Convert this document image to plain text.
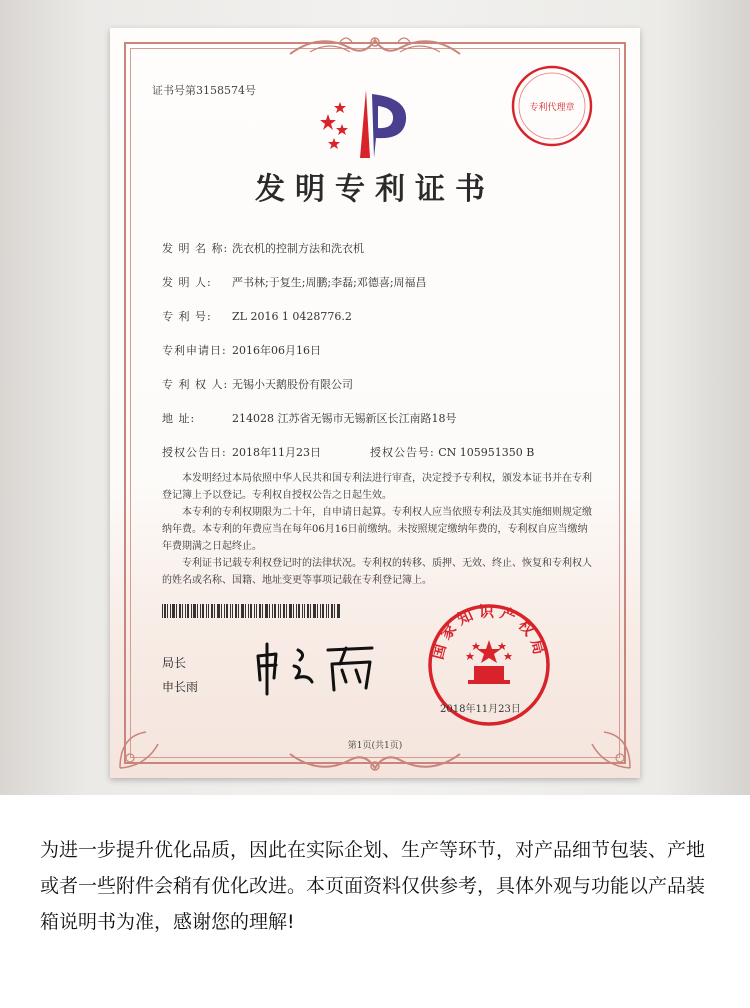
证书号第3158574号
专利代理章
发明专利证书
发 明 名 称: 洗衣机的控制方法和洗衣机
发 明 人: 严书林;于复生;周鹏;李磊;邓德喜;周福昌
专 利 号: ZL 2016 1 0428776.2
专利申请日: 2016年06月16日
专 利 权 人: 无锡小天鹅股份有限公司
地 址:	214028 江苏省无锡市无锡新区长江南路18号
授权公告日: 2018年11月23日	授权公告号: CN 105951350 B
本发明经过本局依照中华人民共和国专利法进行审查，决定授予专利权，颁发本证书并在专利登记簿上予以登记。专利权自授权公告之日起生效。
本专利的专利权期限为二十年，自申请日起算。专利权人应当依照专利法及其实施细则规定缴纳年费。本专利的年费应当在每年06月16日前缴纳。未按照规定缴纳年费的，专利权自应当缴纳年费期满之日起终止。
专利证书记载专利权登记时的法律状况。专利权的转移、质押、无效、终止、恢复和专利权人的姓名或名称、国籍、地址变更等事项记载在专利登记簿上。
局长
申长雨
国家知识产权局
2018年11月23日
第1页(共1页)
为进一步提升优化品质，因此在实际企划、生产等环节，对产品细节包装、产地或者一些附件会稍有优化改进。本页面资料仅供参考，具体外观与功能以产品装箱说明书为准，感谢您的理解!
